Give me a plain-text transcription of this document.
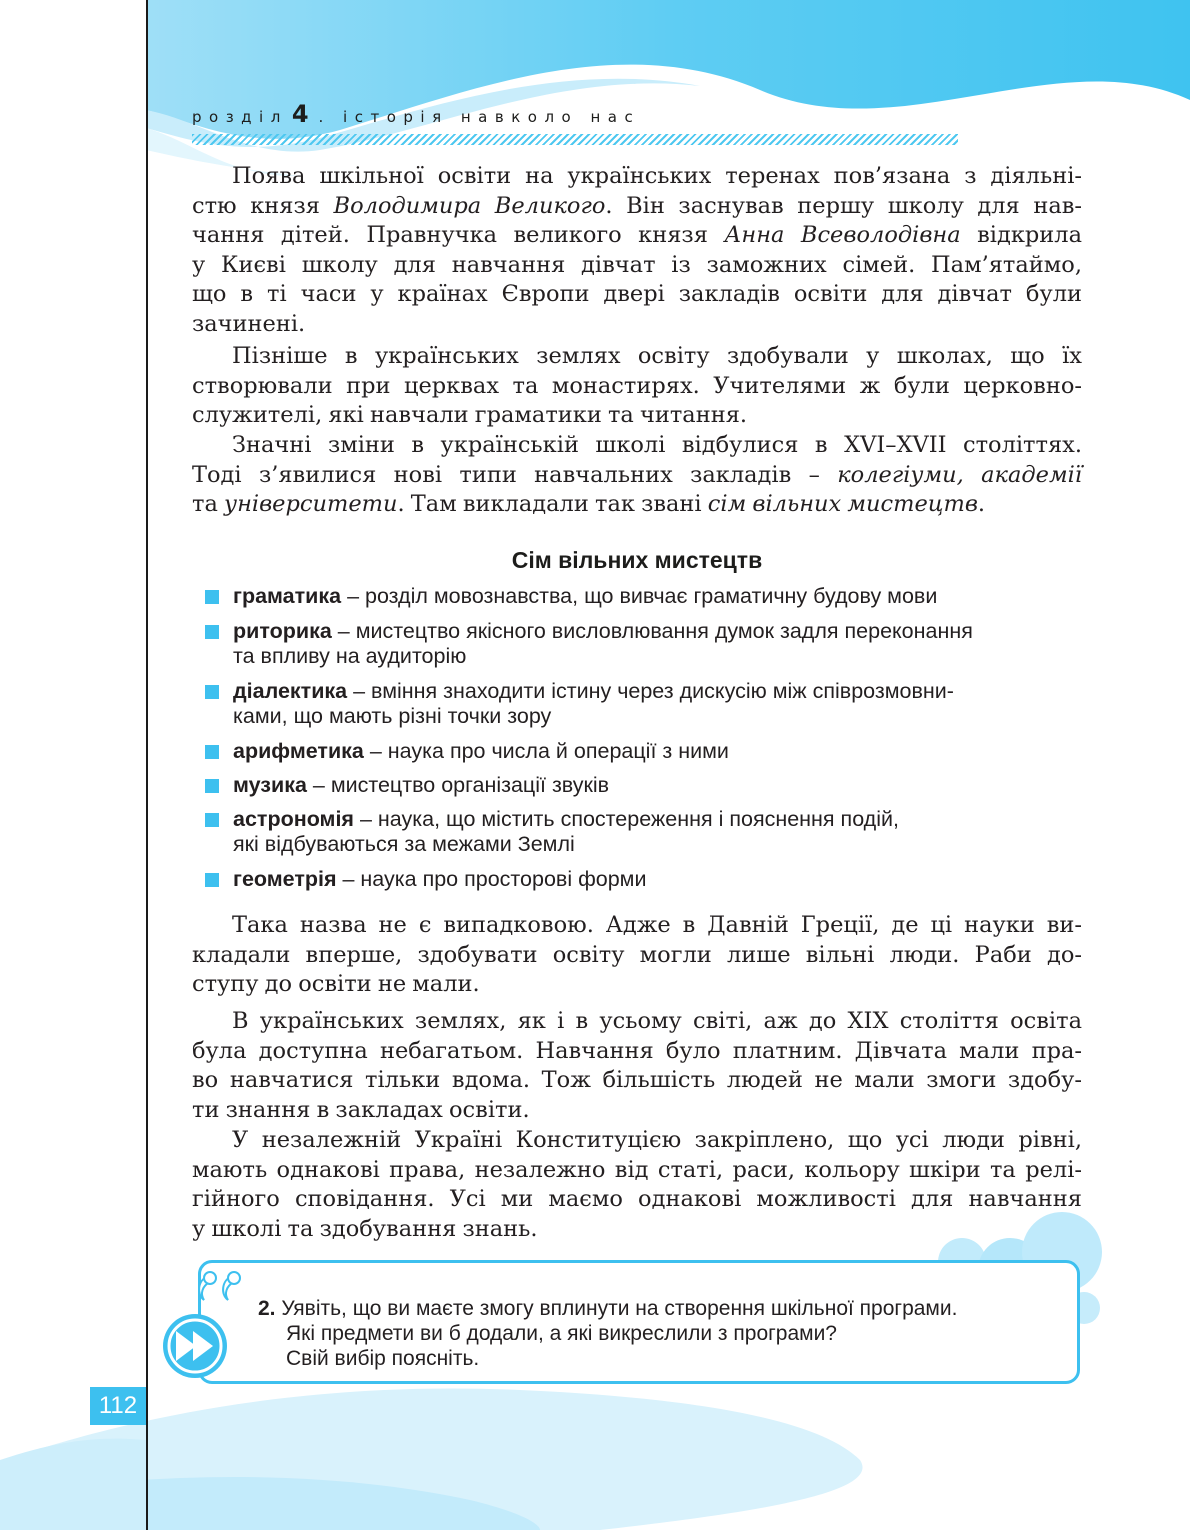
розділ 4 . історія навколо нас

Поява шкільної освіти на українських теренах пов’язана з діяльні-

стю князя Володимира Великого. Він заснував першу школу для нав-

чання дітей. Правнучка великого князя Анна Всеволодівна відкрила

у Києві школу для навчання дівчат із заможних сімей. Пам’ятаймо,

що в ті часи у країнах Європи двері закладів освіти для дівчат були

зачинені.

Пізніше в українських землях освіту здобували у школах, що їх

створювали при церквах та монастирях. Учителями ж були церковно-

служителі, які навчали граматики та читання.

Значні зміни в українській школі відбулися в XVI–XVII століттях.

Тоді з’явилися нові типи навчальних закладів – колегіуми, академії

та університети. Там викладали так звані сім вільних мистецтв.

Така назва не є випадковою. Адже в Давній Греції, де ці науки ви-

кладали вперше, здобувати освіту могли лише вільні люди. Раби до-

ступу до освіти не мали.

В українських землях, як і в усьому світі, аж до XIX століття освіта

була доступна небагатьом. Навчання було платним. Дівчата мали пра-

во навчатися тільки вдома. Тож більшість людей не мали змоги здобу-

ти знання в закладах освіти.

У незалежній Україні Конституцією закріплено, що усі люди рівні,

мають однакові права, незалежно від статі, раси, кольору шкіри та релі-

гійного сповідання. Усі ми маємо однакові можливості для навчання

у школі та здобування знань.

Сім вільних мистецтв
граматика – розділ мовознавства, що вивчає граматичну будову мови
риторика – мистецтво якісного висловлювання думок задля переконання
та впливу на аудиторію
діалектика – вміння знаходити істину через дискусію між співрозмовни-
ками, що мають різні точки зору
арифметика – наука про числа й операції з ними
музика – мистецтво організації звуків
астрономія – наука, що містить спостереження і пояснення подій,
які відбуваються за межами Землі
геометрія – наука про просторові форми
2. Уявіть, що ви маєте змогу вплинути на створення шкільної програми.
Які предмети ви б додали, а які викреслили з програми?
Свій вибір поясніть.
112
